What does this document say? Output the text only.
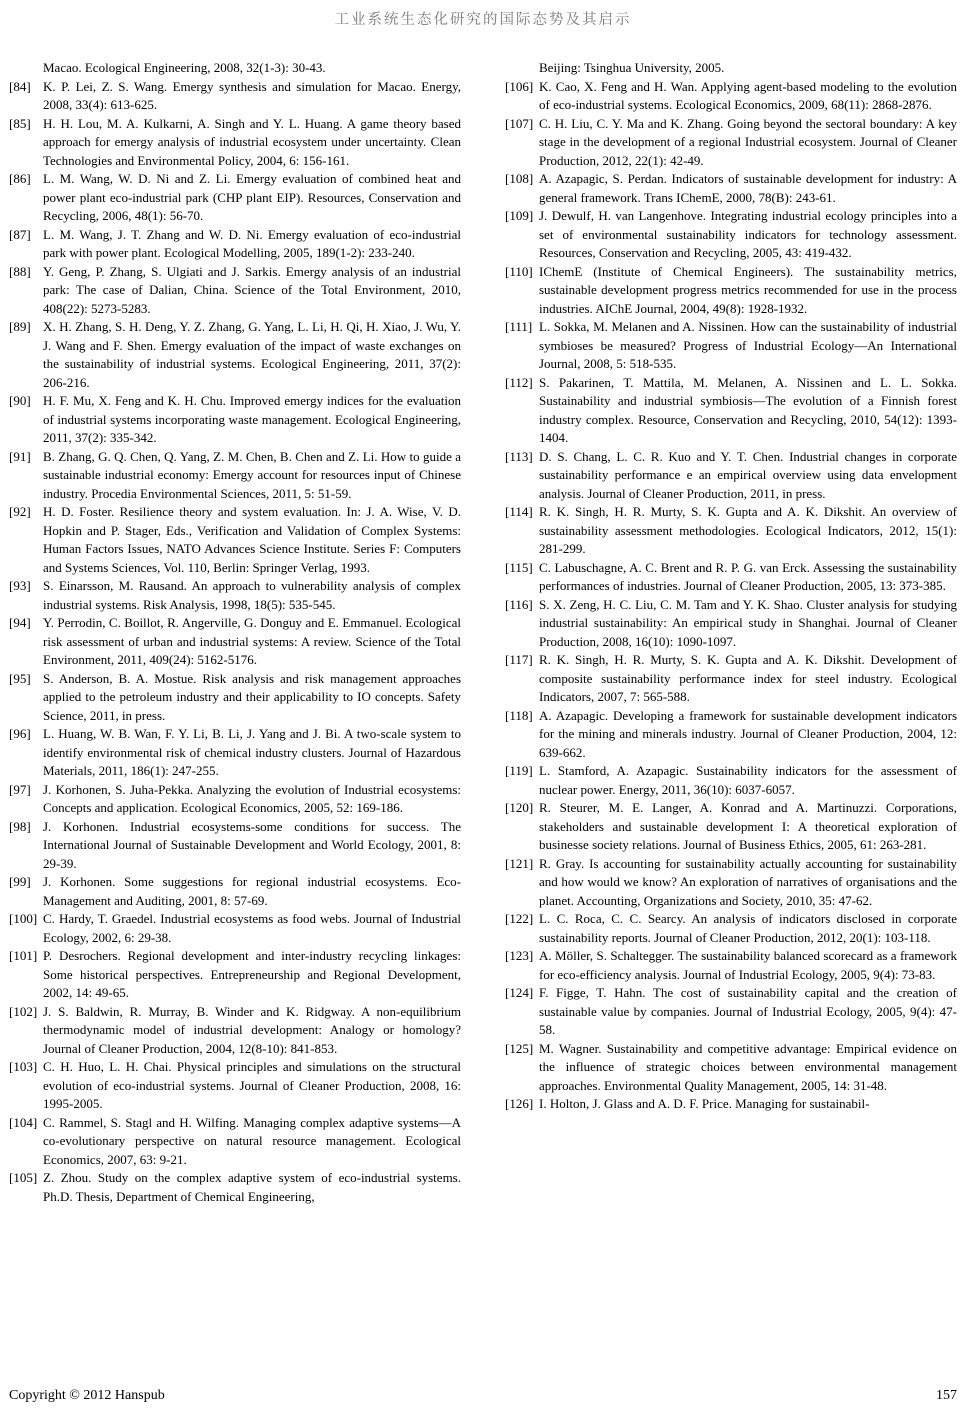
工业系统生态化研究的国际态势及其启示
Macao. Ecological Engineering, 2008, 32(1-3): 30-43.
[84] K. P. Lei, Z. S. Wang. Emergy synthesis and simulation for Macao. Energy, 2008, 33(4): 613-625.
[85] H. H. Lou, M. A. Kulkarni, A. Singh and Y. L. Huang. A game theory based approach for emergy analysis of industrial ecosystem under uncertainty. Clean Technologies and Environmental Policy, 2004, 6: 156-161.
[86] L. M. Wang, W. D. Ni and Z. Li. Emergy evaluation of combined heat and power plant eco-industrial park (CHP plant EIP). Resources, Conservation and Recycling, 2006, 48(1): 56-70.
[87] L. M. Wang, J. T. Zhang and W. D. Ni. Emergy evaluation of eco-industrial park with power plant. Ecological Modelling, 2005, 189(1-2): 233-240.
[88] Y. Geng, P. Zhang, S. Ulgiati and J. Sarkis. Emergy analysis of an industrial park: The case of Dalian, China. Science of the Total Environment, 2010, 408(22): 5273-5283.
[89] X. H. Zhang, S. H. Deng, Y. Z. Zhang, G. Yang, L. Li, H. Qi, H. Xiao, J. Wu, Y. J. Wang and F. Shen. Emergy evaluation of the impact of waste exchanges on the sustainability of industrial systems. Ecological Engineering, 2011, 37(2): 206-216.
[90] H. F. Mu, X. Feng and K. H. Chu. Improved emergy indices for the evaluation of industrial systems incorporating waste management. Ecological Engineering, 2011, 37(2): 335-342.
[91] B. Zhang, G. Q. Chen, Q. Yang, Z. M. Chen, B. Chen and Z. Li. How to guide a sustainable industrial economy: Emergy account for resources input of Chinese industry. Procedia Environmental Sciences, 2011, 5: 51-59.
[92] H. D. Foster. Resilience theory and system evaluation. In: J. A. Wise, V. D. Hopkin and P. Stager, Eds., Verification and Validation of Complex Systems: Human Factors Issues, NATO Advances Science Institute. Series F: Computers and Systems Sciences, Vol. 110, Berlin: Springer Verlag, 1993.
[93] S. Einarsson, M. Rausand. An approach to vulnerability analysis of complex industrial systems. Risk Analysis, 1998, 18(5): 535-545.
[94] Y. Perrodin, C. Boillot, R. Angerville, G. Donguy and E. Emmanuel. Ecological risk assessment of urban and industrial systems: A review. Science of the Total Environment, 2011, 409(24): 5162-5176.
[95] S. Anderson, B. A. Mostue. Risk analysis and risk management approaches applied to the petroleum industry and their applicability to IO concepts. Safety Science, 2011, in press.
[96] L. Huang, W. B. Wan, F. Y. Li, B. Li, J. Yang and J. Bi. A two-scale system to identify environmental risk of chemical industry clusters. Journal of Hazardous Materials, 2011, 186(1): 247-255.
[97] J. Korhonen, S. Juha-Pekka. Analyzing the evolution of Industrial ecosystems: Concepts and application. Ecological Economics, 2005, 52: 169-186.
[98] J. Korhonen. Industrial ecosystems-some conditions for success. The International Journal of Sustainable Development and World Ecology, 2001, 8: 29-39.
[99] J. Korhonen. Some suggestions for regional industrial ecosystems. Eco-Management and Auditing, 2001, 8: 57-69.
[100] C. Hardy, T. Graedel. Industrial ecosystems as food webs. Journal of Industrial Ecology, 2002, 6: 29-38.
[101] P. Desrochers. Regional development and inter-industry recycling linkages: Some historical perspectives. Entrepreneurship and Regional Development, 2002, 14: 49-65.
[102] J. S. Baldwin, R. Murray, B. Winder and K. Ridgway. A non-equilibrium thermodynamic model of industrial development: Analogy or homology? Journal of Cleaner Production, 2004, 12(8-10): 841-853.
[103] C. H. Huo, L. H. Chai. Physical principles and simulations on the structural evolution of eco-industrial systems. Journal of Cleaner Production, 2008, 16: 1995-2005.
[104] C. Rammel, S. Stagl and H. Wilfing. Managing complex adaptive systems—A co-evolutionary perspective on natural resource management. Ecological Economics, 2007, 63: 9-21.
[105] Z. Zhou. Study on the complex adaptive system of eco-industrial systems. Ph.D. Thesis, Department of Chemical Engineering,
Beijing: Tsinghua University, 2005.
[106] K. Cao, X. Feng and H. Wan. Applying agent-based modeling to the evolution of eco-industrial systems. Ecological Economics, 2009, 68(11): 2868-2876.
[107] C. H. Liu, C. Y. Ma and K. Zhang. Going beyond the sectoral boundary: A key stage in the development of a regional Industrial ecosystem. Journal of Cleaner Production, 2012, 22(1): 42-49.
[108] A. Azapagic, S. Perdan. Indicators of sustainable development for industry: A general framework. Trans IChemE, 2000, 78(B): 243-61.
[109] J. Dewulf, H. van Langenhove. Integrating industrial ecology principles into a set of environmental sustainability indicators for technology assessment. Resources, Conservation and Recycling, 2005, 43: 419-432.
[110] IChemE (Institute of Chemical Engineers). The sustainability metrics, sustainable development progress metrics recommended for use in the process industries. AIChE Journal, 2004, 49(8): 1928-1932.
[111] L. Sokka, M. Melanen and A. Nissinen. How can the sustainability of industrial symbioses be measured? Progress of Industrial Ecology—An International Journal, 2008, 5: 518-535.
[112] S. Pakarinen, T. Mattila, M. Melanen, A. Nissinen and L. L. Sokka. Sustainability and industrial symbiosis—The evolution of a Finnish forest industry complex. Resource, Conservation and Recycling, 2010, 54(12): 1393-1404.
[113] D. S. Chang, L. C. R. Kuo and Y. T. Chen. Industrial changes in corporate sustainability performance e an empirical overview using data envelopment analysis. Journal of Cleaner Production, 2011, in press.
[114] R. K. Singh, H. R. Murty, S. K. Gupta and A. K. Dikshit. An overview of sustainability assessment methodologies. Ecological Indicators, 2012, 15(1): 281-299.
[115] C. Labuschagne, A. C. Brent and R. P. G. van Erck. Assessing the sustainability performances of industries. Journal of Cleaner Production, 2005, 13: 373-385.
[116] S. X. Zeng, H. C. Liu, C. M. Tam and Y. K. Shao. Cluster analysis for studying industrial sustainability: An empirical study in Shanghai. Journal of Cleaner Production, 2008, 16(10): 1090-1097.
[117] R. K. Singh, H. R. Murty, S. K. Gupta and A. K. Dikshit. Development of composite sustainability performance index for steel industry. Ecological Indicators, 2007, 7: 565-588.
[118] A. Azapagic. Developing a framework for sustainable development indicators for the mining and minerals industry. Journal of Cleaner Production, 2004, 12: 639-662.
[119] L. Stamford, A. Azapagic. Sustainability indicators for the assessment of nuclear power. Energy, 2011, 36(10): 6037-6057.
[120] R. Steurer, M. E. Langer, A. Konrad and A. Martinuzzi. Corporations, stakeholders and sustainable development I: A theoretical exploration of businesse society relations. Journal of Business Ethics, 2005, 61: 263-281.
[121] R. Gray. Is accounting for sustainability actually accounting for sustainability and how would we know? An exploration of narratives of organisations and the planet. Accounting, Organizations and Society, 2010, 35: 47-62.
[122] L. C. Roca, C. C. Searcy. An analysis of indicators disclosed in corporate sustainability reports. Journal of Cleaner Production, 2012, 20(1): 103-118.
[123] A. Möller, S. Schaltegger. The sustainability balanced scorecard as a framework for eco-efficiency analysis. Journal of Industrial Ecology, 2005, 9(4): 73-83.
[124] F. Figge, T. Hahn. The cost of sustainability capital and the creation of sustainable value by companies. Journal of Industrial Ecology, 2005, 9(4): 47-58.
[125] M. Wagner. Sustainability and competitive advantage: Empirical evidence on the influence of strategic choices between environmental management approaches. Environmental Quality Management, 2005, 14: 31-48.
[126] I. Holton, J. Glass and A. D. F. Price. Managing for sustainabil-
Copyright © 2012 Hanspub	157
